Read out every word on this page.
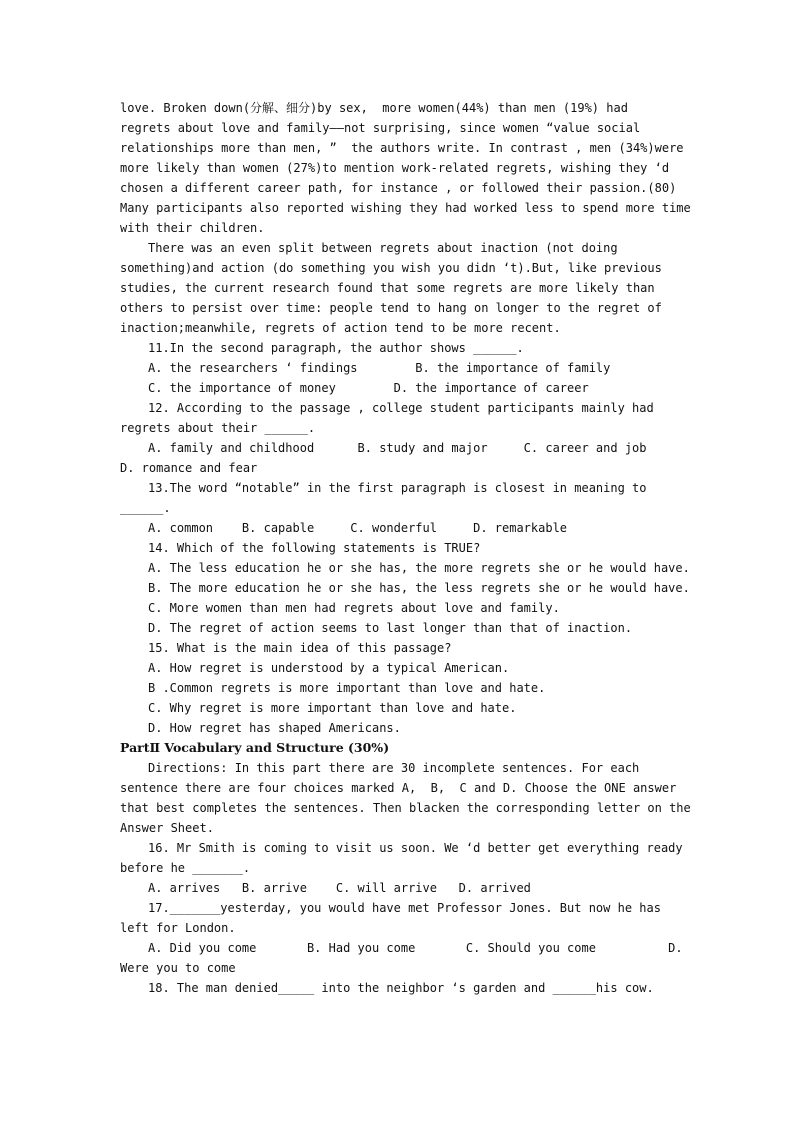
love. Broken down(分解、细分)by sex,  more women(44%) than men (19%) had

regrets about love and family——not surprising, since women “value social

relationships more than men, ”  the authors write. In contrast , men (34%)were

more likely than women (27%)to mention work-related regrets, wishing they ‘d

chosen a different career path, for instance , or followed their passion.(80)

Many participants also reported wishing they had worked less to spend more time

with their children.

There was an even split between regrets about inaction (not doing

something)and action (do something you wish you didn ‘t).But, like previous

studies, the current research found that some regrets are more likely than

others to persist over time: people tend to hang on longer to the regret of

inaction;meanwhile, regrets of action tend to be more recent.

11.In the second paragraph, the author shows ______.

A. the researchers ‘ findings        B. the importance of family

C. the importance of money        D. the importance of career

12. According to the passage , college student participants mainly had

regrets about their ______.

A. family and childhood      B. study and major     C. career and job

D. romance and fear

13.The word “notable” in the first paragraph is closest in meaning to

______.

A. common    B. capable     C. wonderful     D. remarkable

14. Which of the following statements is TRUE?

A. The less education he or she has, the more regrets she or he would have.

B. The more education he or she has, the less regrets she or he would have.

C. More women than men had regrets about love and family.

D. The regret of action seems to last longer than that of inaction.

15. What is the main idea of this passage?

A. How regret is understood by a typical American.

B .Common regrets is more important than love and hate.

C. Why regret is more important than love and hate.

D. How regret has shaped Americans.

PartⅡ Vocabulary and Structure (30%)

Directions: In this part there are 30 incomplete sentences. For each

sentence there are four choices marked A,  B,  C and D. Choose the ONE answer

that best completes the sentences. Then blacken the corresponding letter on the

Answer Sheet.

16. Mr Smith is coming to visit us soon. We ‘d better get everything ready

before he _______.

A. arrives   B. arrive    C. will arrive   D. arrived

17._______yesterday, you would have met Professor Jones. But now he has

left for London.

A. Did you come       B. Had you come       C. Should you come          D.

Were you to come

18. The man denied_____ into the neighbor ‘s garden and ______his cow.
